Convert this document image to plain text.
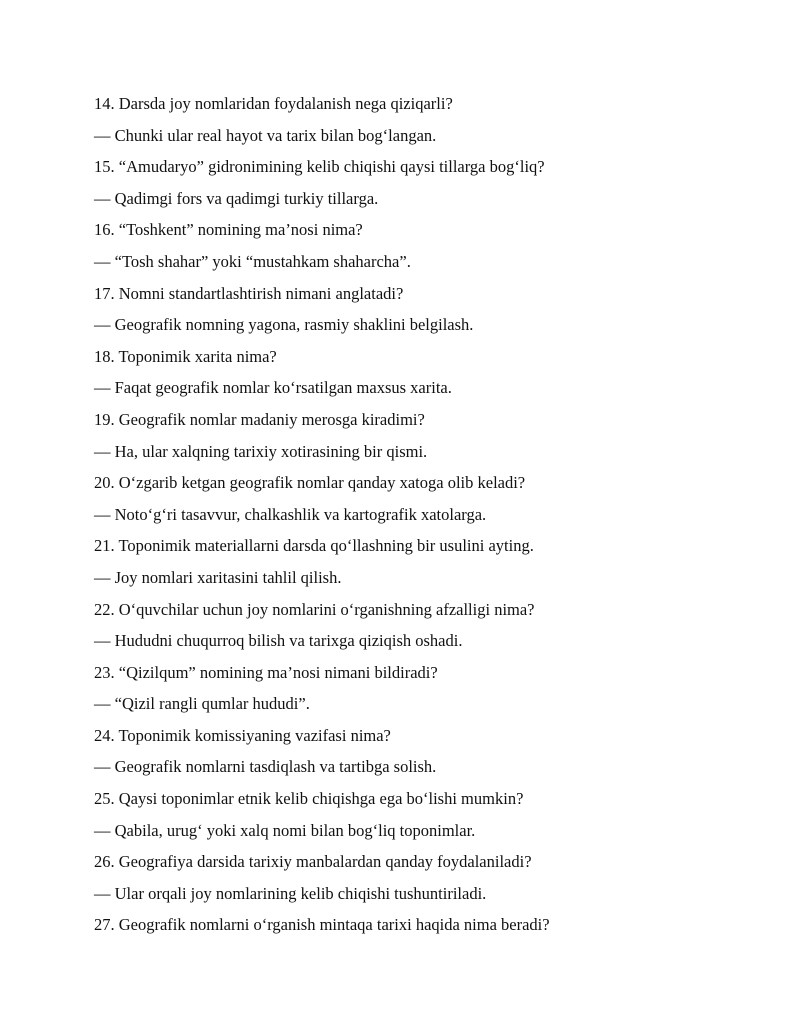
14. Darsda joy nomlaridan foydalanish nega qiziqarli?
— Chunki ular real hayot va tarix bilan bog‘langan.
15. “Amudaryo” gidronimining kelib chiqishi qaysi tillarga bog‘liq?
— Qadimgi fors va qadimgi turkiy tillarga.
16. “Toshkent” nomining ma’nosi nima?
— “Tosh shahar” yoki “mustahkam shaharcha”.
17. Nomni standartlashtirish nimani anglatadi?
— Geografik nomning yagona, rasmiy shaklini belgilash.
18. Toponimik xarita nima?
— Faqat geografik nomlar ko‘rsatilgan maxsus xarita.
19. Geografik nomlar madaniy merosga kiradimi?
— Ha, ular xalqning tarixiy xotirasining bir qismi.
20. O‘zgarib ketgan geografik nomlar qanday xatoga olib keladi?
— Noto‘g‘ri tasavvur, chalkashlik va kartografik xatolarga.
21. Toponimik materiallarni darsda qo‘llashning bir usulini ayting.
— Joy nomlari xaritasini tahlil qilish.
22. O‘quvchilar uchun joy nomlarini o‘rganishning afzalligi nima?
— Hududni chuqurroq bilish va tarixga qiziqish oshadi.
23. “Qizilqum” nomining ma’nosi nimani bildiradi?
— “Qizil rangli qumlar hududi”.
24. Toponimik komissiyaning vazifasi nima?
— Geografik nomlarni tasdiqlash va tartibga solish.
25. Qaysi toponimlar etnik kelib chiqishga ega bo‘lishi mumkin?
— Qabila, urug‘ yoki xalq nomi bilan bog‘liq toponimlar.
26. Geografiya darsida tarixiy manbalardan qanday foydalaniladi?
— Ular orqali joy nomlarining kelib chiqishi tushuntiriladi.
27. Geografik nomlarni o‘rganish mintaqa tarixi haqida nima beradi?
